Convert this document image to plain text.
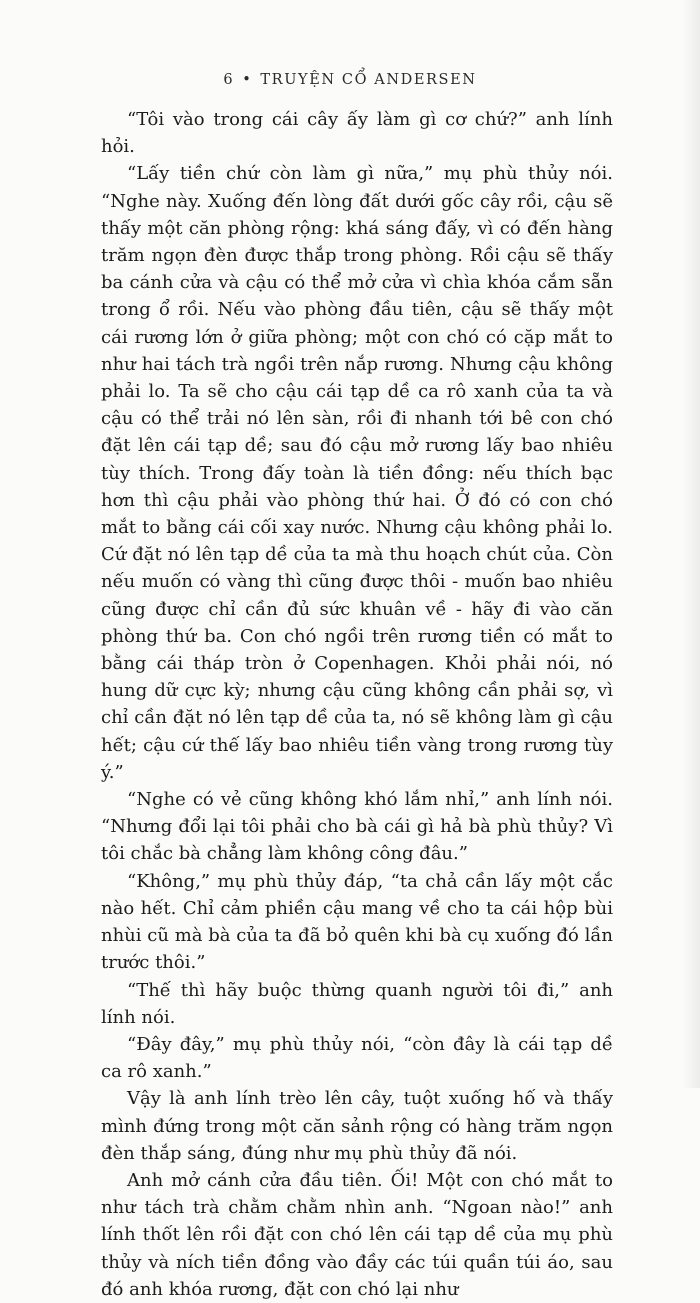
6 • TRUYỆN CỔ ANDERSEN

“Tôi vào trong cái cây ấy làm gì cơ chứ?” anh lính hỏi.

“Lấy tiền chứ còn làm gì nữa,” mụ phù thủy nói. “Nghe này. Xuống đến lòng đất dưới gốc cây rồi, cậu sẽ thấy một căn phòng rộng: khá sáng đấy, vì có đến hàng trăm ngọn đèn được thắp trong phòng. Rồi cậu sẽ thấy ba cánh cửa và cậu có thể mở cửa vì chìa khóa cắm sẵn trong ổ rồi. Nếu vào phòng đầu tiên, cậu sẽ thấy một cái rương lớn ở giữa phòng; một con chó có cặp mắt to như hai tách trà ngồi trên nắp rương. Nhưng cậu không phải lo. Ta sẽ cho cậu cái tạp dề ca rô xanh của ta và cậu có thể trải nó lên sàn, rồi đi nhanh tới bê con chó đặt lên cái tạp dề; sau đó cậu mở rương lấy bao nhiêu tùy thích. Trong đấy toàn là tiền đồng: nếu thích bạc hơn thì cậu phải vào phòng thứ hai. Ở đó có con chó mắt to bằng cái cối xay nước. Nhưng cậu không phải lo. Cứ đặt nó lên tạp dề của ta mà thu hoạch chút của. Còn nếu muốn có vàng thì cũng được thôi - muốn bao nhiêu cũng được chỉ cần đủ sức khuân về - hãy đi vào căn phòng thứ ba. Con chó ngồi trên rương tiền có mắt to bằng cái tháp tròn ở Copenhagen. Khỏi phải nói, nó hung dữ cực kỳ; nhưng cậu cũng không cần phải sợ, vì chỉ cần đặt nó lên tạp dề của ta, nó sẽ không làm gì cậu hết; cậu cứ thế lấy bao nhiêu tiền vàng trong rương tùy ý.”

“Nghe có vẻ cũng không khó lắm nhỉ,” anh lính nói. “Nhưng đổi lại tôi phải cho bà cái gì hả bà phù thủy? Vì tôi chắc bà chẳng làm không công đâu.”

“Không,” mụ phù thủy đáp, “ta chả cần lấy một cắc nào hết. Chỉ cảm phiền cậu mang về cho ta cái hộp bùi nhùi cũ mà bà của ta đã bỏ quên khi bà cụ xuống đó lần trước thôi.”

“Thế thì hãy buộc thừng quanh người tôi đi,” anh lính nói.

“Đây đây,” mụ phù thủy nói, “còn đây là cái tạp dề ca rô xanh.”

Vậy là anh lính trèo lên cây, tuột xuống hố và thấy mình đứng trong một căn sảnh rộng có hàng trăm ngọn đèn thắp sáng, đúng như mụ phù thủy đã nói.

Anh mở cánh cửa đầu tiên. Ối! Một con chó mắt to như tách trà chằm chằm nhìn anh. “Ngoan nào!” anh lính thốt lên rồi đặt con chó lên cái tạp dề của mụ phù thủy và ních tiền đồng vào đầy các túi quần túi áo, sau đó anh khóa rương, đặt con chó lại như
